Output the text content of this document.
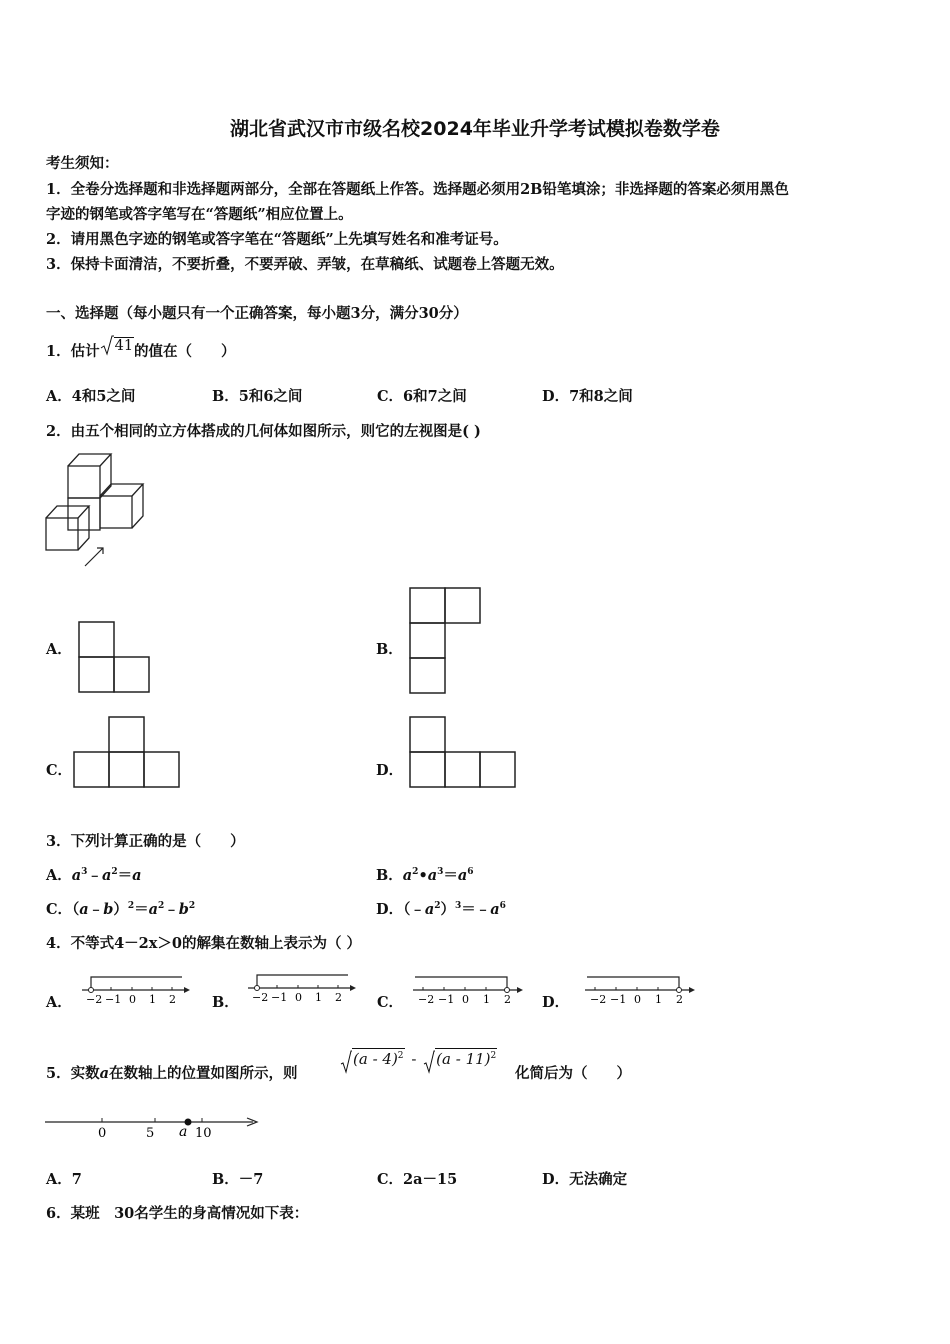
湖北省武汉市市级名校2024年毕业升学考试模拟卷数学卷
考生须知：
1．全卷分选择题和非选择题两部分，全部在答题纸上作答。选择题必须用2B铅笔填涂；非选择题的答案必须用黑色
字迹的钢笔或答字笔写在“答题纸”相应位置上。
2．请用黑色字迹的钢笔或答字笔在“答题纸”上先填写姓名和准考证号。
3．保持卡面清洁，不要折叠，不要弄破、弄皱，在草稿纸、试题卷上答题无效。
一、选择题（每小题只有一个正确答案，每小题3分，满分30分）
1．估计 41的值在（　　）
A．4和5之间	B．5和6之间	C．6和7之间	D．7和8之间
2．由五个相同的立方体搭成的几何体如图所示，则它的左视图是( )
A．	B．
C．	D．
3．下列计算正确的是（　　）
A．$a^3﹣a^2=a$	B．$a^2•a^3=a^6$
C．$(a﹣b)^2=a^2﹣b^2$	D．$(﹣a^2)^3=﹣a^6$
4．不等式4－2x＞0的解集在数轴上表示为（ ）
A．	B．	C．	D．
−2 −1 0 1 2	−2 −1 0 1 2	−2 −1 0 1 2	−2 −1 0 1 2
5．实数a在数轴上的位置如图所示，则
(a - 4)$^2$ - (a - 11)$^2$
化简后为（　　）
0	5 a 10
A．7	B．－7	C．2a－15	D．无法确定
6．某班　30名学生的身高情况如下表：
